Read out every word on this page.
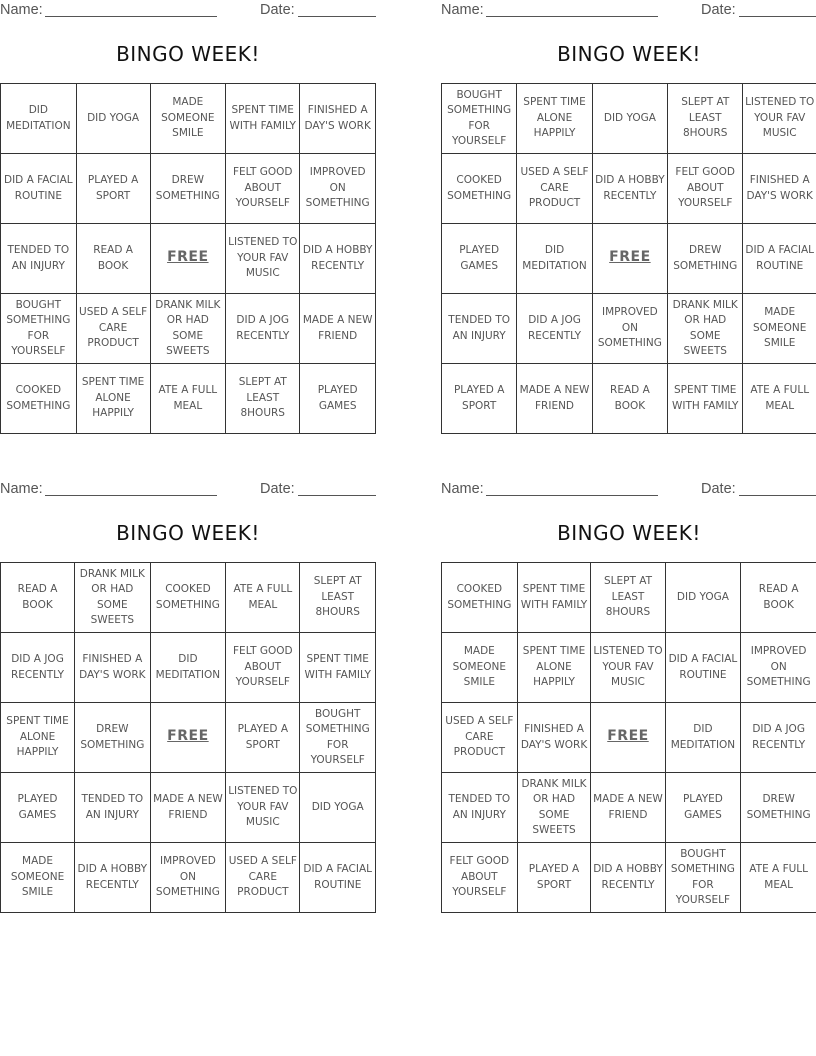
Name:	Date:
BINGO WEEK!
DID MEDITATION	DID YOGA	MADE SOMEONE SMILE	SPENT TIME WITH FAMILY	FINISHED A DAY'S WORK
DID A FACIAL ROUTINE	PLAYED A SPORT	DREW SOMETHING	FELT GOOD ABOUT YOURSELF	IMPROVED ON SOMETHING
TENDED TO AN INJURY	READ A BOOK	FREE	LISTENED TO YOUR FAV MUSIC	DID A HOBBY RECENTLY
BOUGHT SOMETHING FOR YOURSELF	USED A SELF CARE PRODUCT	DRANK MILK OR HAD SOME SWEETS	DID A JOG RECENTLY	MADE A NEW FRIEND
COOKED SOMETHING	SPENT TIME ALONE HAPPILY	ATE A FULL MEAL	SLEPT AT LEAST 8HOURS	PLAYED GAMES
Name:	Date:
BINGO WEEK!
BOUGHT SOMETHING FOR YOURSELF	SPENT TIME ALONE HAPPILY	DID YOGA	SLEPT AT LEAST 8HOURS	LISTENED TO YOUR FAV MUSIC
COOKED SOMETHING	USED A SELF CARE PRODUCT	DID A HOBBY RECENTLY	FELT GOOD ABOUT YOURSELF	FINISHED A DAY'S WORK
PLAYED GAMES	DID MEDITATION	FREE	DREW SOMETHING	DID A FACIAL ROUTINE
TENDED TO AN INJURY	DID A JOG RECENTLY	IMPROVED ON SOMETHING	DRANK MILK OR HAD SOME SWEETS	MADE SOMEONE SMILE
PLAYED A SPORT	MADE A NEW FRIEND	READ A BOOK	SPENT TIME WITH FAMILY	ATE A FULL MEAL
Name:	Date:
BINGO WEEK!
READ A BOOK	DRANK MILK OR HAD SOME SWEETS	COOKED SOMETHING	ATE A FULL MEAL	SLEPT AT LEAST 8HOURS
DID A JOG RECENTLY	FINISHED A DAY'S WORK	DID MEDITATION	FELT GOOD ABOUT YOURSELF	SPENT TIME WITH FAMILY
SPENT TIME ALONE HAPPILY	DREW SOMETHING	FREE	PLAYED A SPORT	BOUGHT SOMETHING FOR YOURSELF
PLAYED GAMES	TENDED TO AN INJURY	MADE A NEW FRIEND	LISTENED TO YOUR FAV MUSIC	DID YOGA
MADE SOMEONE SMILE	DID A HOBBY RECENTLY	IMPROVED ON SOMETHING	USED A SELF CARE PRODUCT	DID A FACIAL ROUTINE
Name:	Date:
BINGO WEEK!
COOKED SOMETHING	SPENT TIME WITH FAMILY	SLEPT AT LEAST 8HOURS	DID YOGA	READ A BOOK
MADE SOMEONE SMILE	SPENT TIME ALONE HAPPILY	LISTENED TO YOUR FAV MUSIC	DID A FACIAL ROUTINE	IMPROVED ON SOMETHING
USED A SELF CARE PRODUCT	FINISHED A DAY'S WORK	FREE	DID MEDITATION	DID A JOG RECENTLY
TENDED TO AN INJURY	DRANK MILK OR HAD SOME SWEETS	MADE A NEW FRIEND	PLAYED GAMES	DREW SOMETHING
FELT GOOD ABOUT YOURSELF	PLAYED A SPORT	DID A HOBBY RECENTLY	BOUGHT SOMETHING FOR YOURSELF	ATE A FULL MEAL
